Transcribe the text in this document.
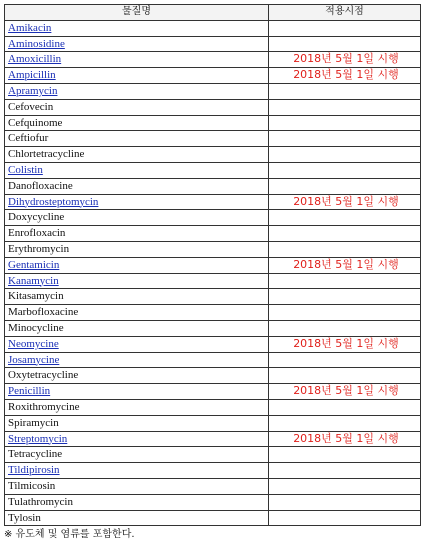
물질명	적용시점
Amikacin	
Aminosidine	
Amoxicillin	2018년 5월 1일 시행
Ampicillin	2018년 5월 1일 시행
Apramycin	
Cefovecin	
Cefquinome	
Ceftiofur	
Chlortetracycline	
Colistin	
Danofloxacine	
Dihydrosteptomycin	2018년 5월 1일 시행
Doxycycline	
Enrofloxacin	
Erythromycin	
Gentamicin	2018년 5월 1일 시행
Kanamycin	
Kitasamycin	
Marbofloxacine	
Minocycline	
Neomycine	2018년 5월 1일 시행
Josamycine	
Oxytetracycline	
Penicillin	2018년 5월 1일 시행
Roxithromycine	
Spiramycin	
Streptomycin	2018년 5월 1일 시행
Tetracycline	
Tildipirosin	
Tilmicosin	
Tulathromycin	
Tylosin	
※ 유도체 및 염류를 포함한다.
